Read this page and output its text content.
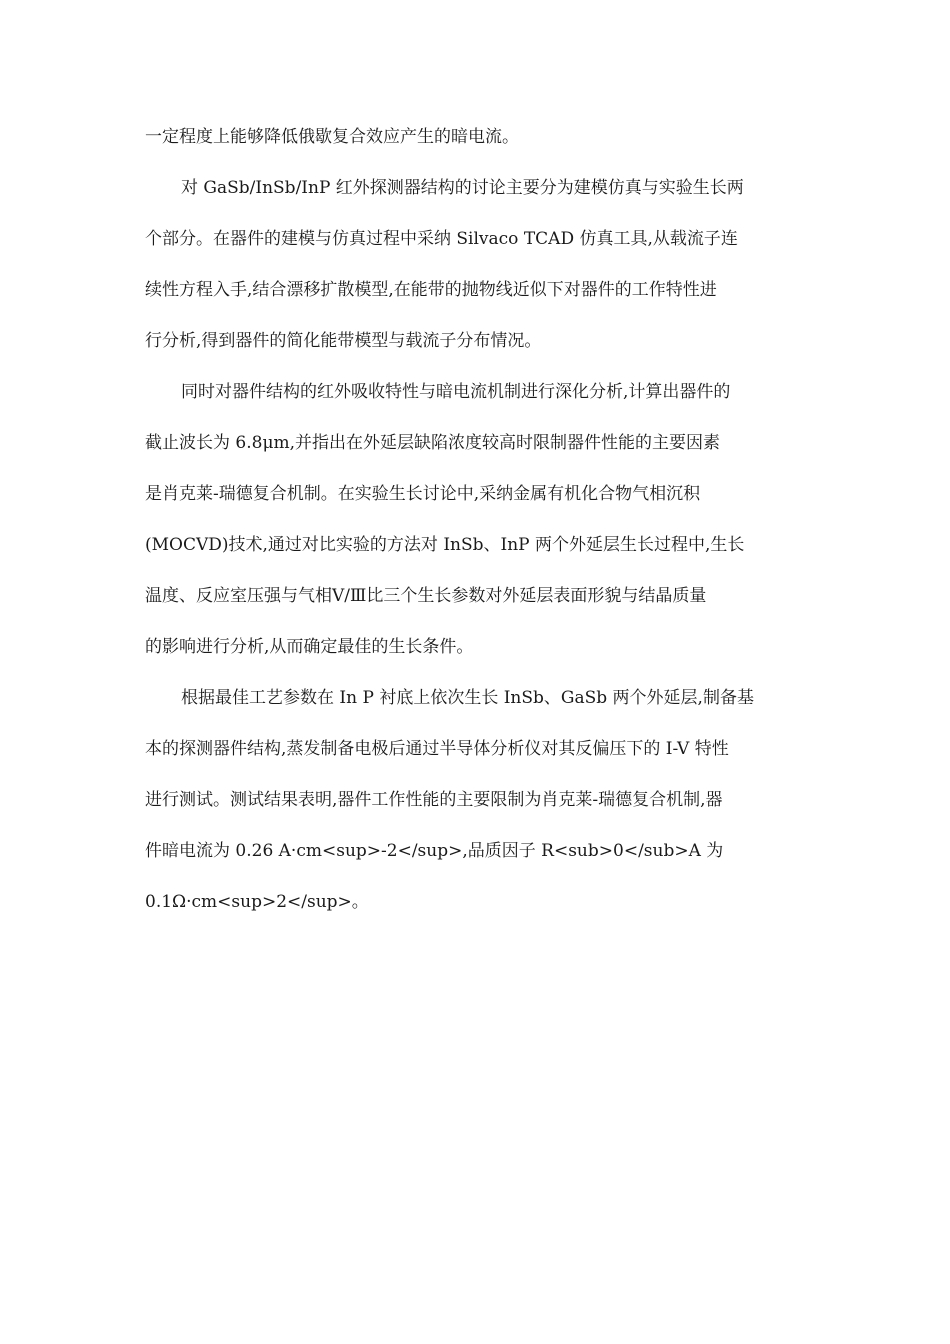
一定程度上能够降低俄歇复合效应产生的暗电流。
对 GaSb/InSb/InP 红外探测器结构的讨论主要分为建模仿真与实验生长两
个部分。在器件的建模与仿真过程中采纳 Silvaco TCAD 仿真工具,从载流子连
续性方程入手,结合漂移扩散模型,在能带的抛物线近似下对器件的工作特性进
行分析,得到器件的简化能带模型与载流子分布情况。
同时对器件结构的红外吸收特性与暗电流机制进行深化分析,计算出器件的
截止波长为 6.8μm,并指出在外延层缺陷浓度较高时限制器件性能的主要因素
是肖克莱-瑞德复合机制。在实验生长讨论中,采纳金属有机化合物气相沉积
(MOCVD)技术,通过对比实验的方法对 InSb、InP 两个外延层生长过程中,生长
温度、反应室压强与气相Ⅴ/Ⅲ比三个生长参数对外延层表面形貌与结晶质量
的影响进行分析,从而确定最佳的生长条件。
根据最佳工艺参数在 In P 衬底上依次生长 InSb、GaSb 两个外延层,制备基
本的探测器件结构,蒸发制备电极后通过半导体分析仪对其反偏压下的 I-V 特性
进行测试。测试结果表明,器件工作性能的主要限制为肖克莱-瑞德复合机制,器
件暗电流为 0.26 A·cm<sup>-2</sup>,品质因子 R<sub>0</sub>A 为
0.1Ω·cm<sup>2</sup>。
